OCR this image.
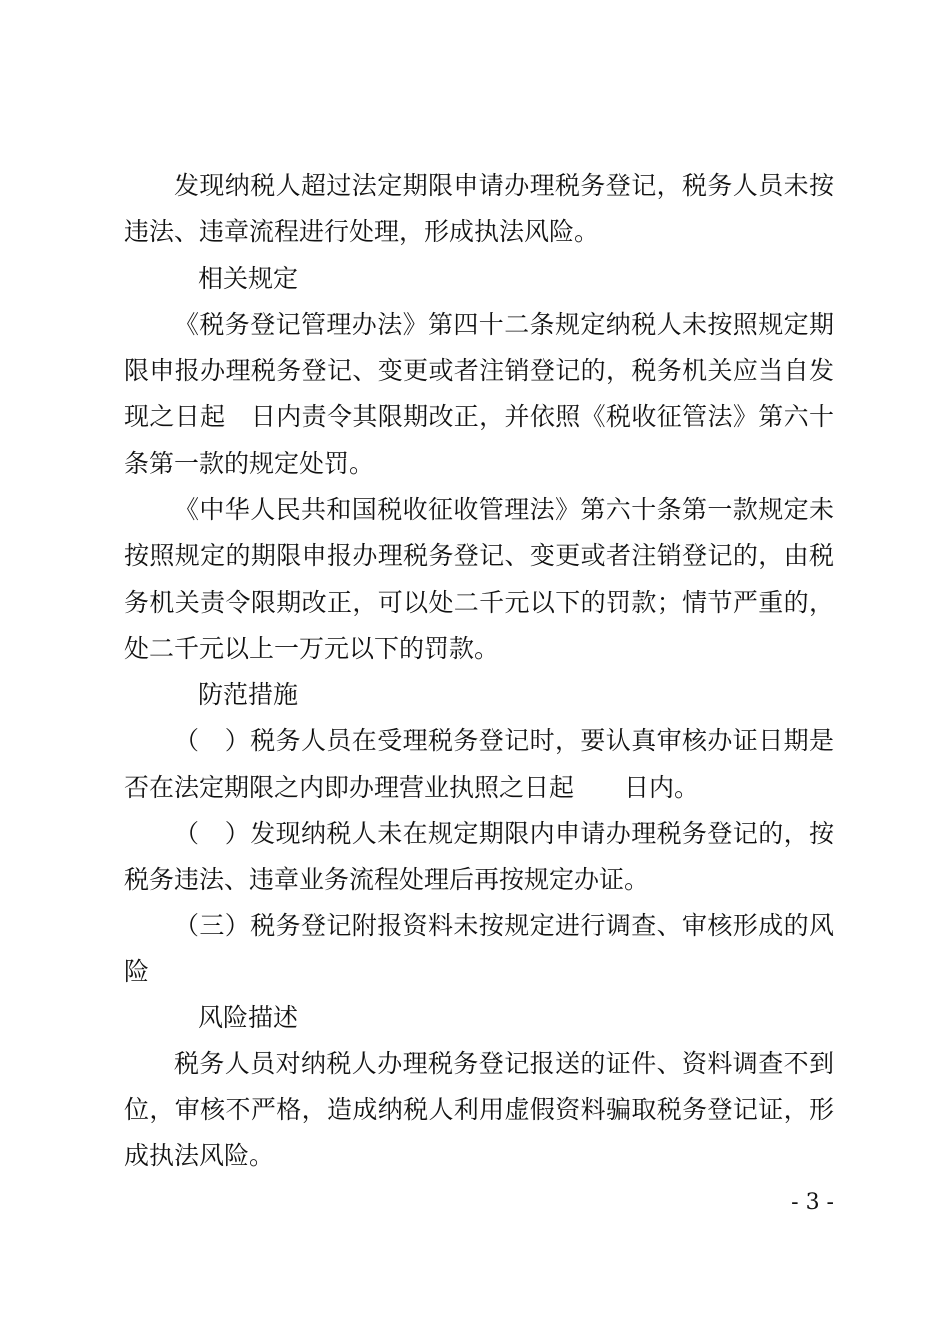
发现纳税人超过法定期限申请办理税务登记，税务人员未按
违法、违章流程进行处理，形成执法风险。
相关规定
《税务登记管理办法》第四十二条规定纳税人未按照规定期
限申报办理税务登记、变更或者注销登记的，税务机关应当自发
现之日起　日内责令其限期改正，并依照《税收征管法》第六十
条第一款的规定处罚。
《中华人民共和国税收征收管理法》第六十条第一款规定未
按照规定的期限申报办理税务登记、变更或者注销登记的，由税
务机关责令限期改正，可以处二千元以下的罚款；情节严重的，
处二千元以上一万元以下的罚款。
防范措施
（　）税务人员在受理税务登记时，要认真审核办证日期是
否在法定期限之内即办理营业执照之日起　　日内。
（　）发现纳税人未在规定期限内申请办理税务登记的，按
税务违法、违章业务流程处理后再按规定办证。
（三）税务登记附报资料未按规定进行调查、审核形成的风
险
风险描述
税务人员对纳税人办理税务登记报送的证件、资料调查不到
位，审核不严格，造成纳税人利用虚假资料骗取税务登记证，形
成执法风险。
- 3 -
